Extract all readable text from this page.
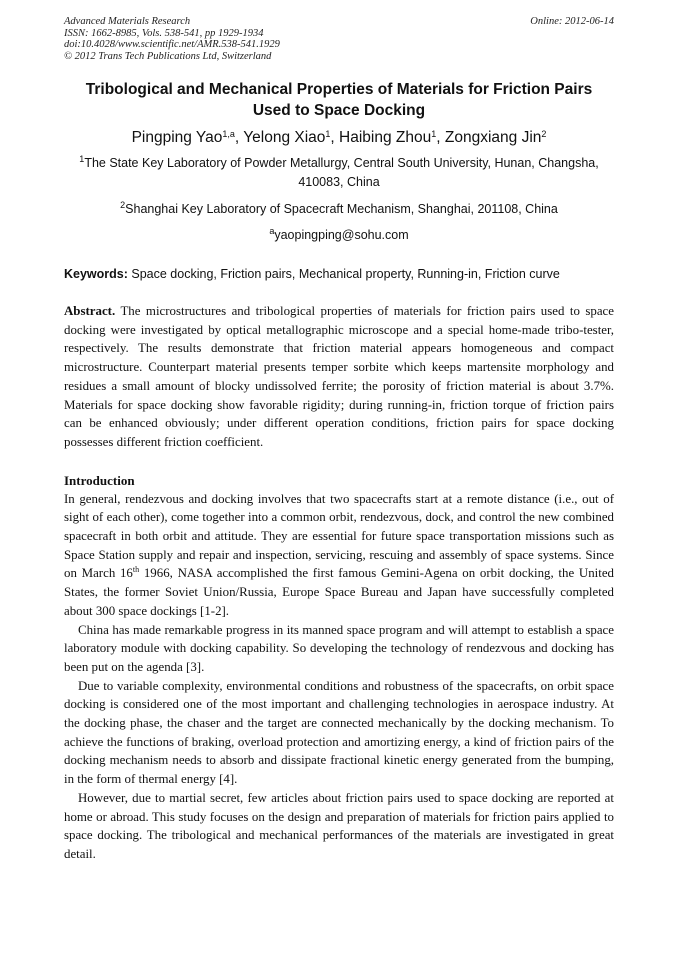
Advanced Materials Research
ISSN: 1662-8985, Vols. 538-541, pp 1929-1934
doi:10.4028/www.scientific.net/AMR.538-541.1929
© 2012 Trans Tech Publications Ltd, Switzerland
Online: 2012-06-14
Tribological and Mechanical Properties of Materials for Friction Pairs
Used to Space Docking
Pingping Yao$^{1,a}$, Yelong Xiao$^1$, Haibing Zhou$^1$, Zongxiang Jin$^2$
$^1$The State Key Laboratory of Powder Metallurgy, Central South University, Hunan, Changsha,
410083, China
$^2$Shanghai Key Laboratory of Spacecraft Mechanism, Shanghai, 201108, China
$^a$yaopingping@sohu.com
Keywords: Space docking, Friction pairs, Mechanical property, Running-in, Friction curve
Abstract. The microstructures and tribological properties of materials for friction pairs used to space docking were investigated by optical metallographic microscope and a special home-made tribo-tester, respectively. The results demonstrate that friction material appears homogeneous and compact microstructure. Counterpart material presents temper sorbite which keeps martensite morphology and residues a small amount of blocky undissolved ferrite; the porosity of friction material is about 3.7%. Materials for space docking show favorable rigidity; during running-in, friction torque of friction pairs can be enhanced obviously; under different operation conditions, friction pairs for space docking possesses different friction coefficient.
Introduction

In general, rendezvous and docking involves that two spacecrafts start at a remote distance (i.e., out of sight of each other), come together into a common orbit, rendezvous, dock, and control the new combined spacecraft in both orbit and attitude. They are essential for future space transportation missions such as Space Station supply and repair and inspection, servicing, rescuing and assembly of space systems. Since on March 16th 1966, NASA accomplished the first famous Gemini-Agena on orbit docking, the United States, the former Soviet Union/Russia, Europe Space Bureau and Japan have successfully completed about 300 space dockings [1-2].

China has made remarkable progress in its manned space program and will attempt to establish a space laboratory module with docking capability. So developing the technology of rendezvous and docking has been put on the agenda [3].

Due to variable complexity, environmental conditions and robustness of the spacecrafts, on orbit space docking is considered one of the most important and challenging technologies in aerospace industry. At the docking phase, the chaser and the target are connected mechanically by the docking mechanism. To achieve the functions of braking, overload protection and amortizing energy, a kind of friction pairs of the docking mechanism needs to absorb and dissipate fractional kinetic energy generated from the bumping, in the form of thermal energy [4].

However, due to martial secret, few articles about friction pairs used to space docking are reported at home or abroad. This study focuses on the design and preparation of materials for friction pairs applied to space docking. The tribological and mechanical performances of the materials are investigated in great detail.
